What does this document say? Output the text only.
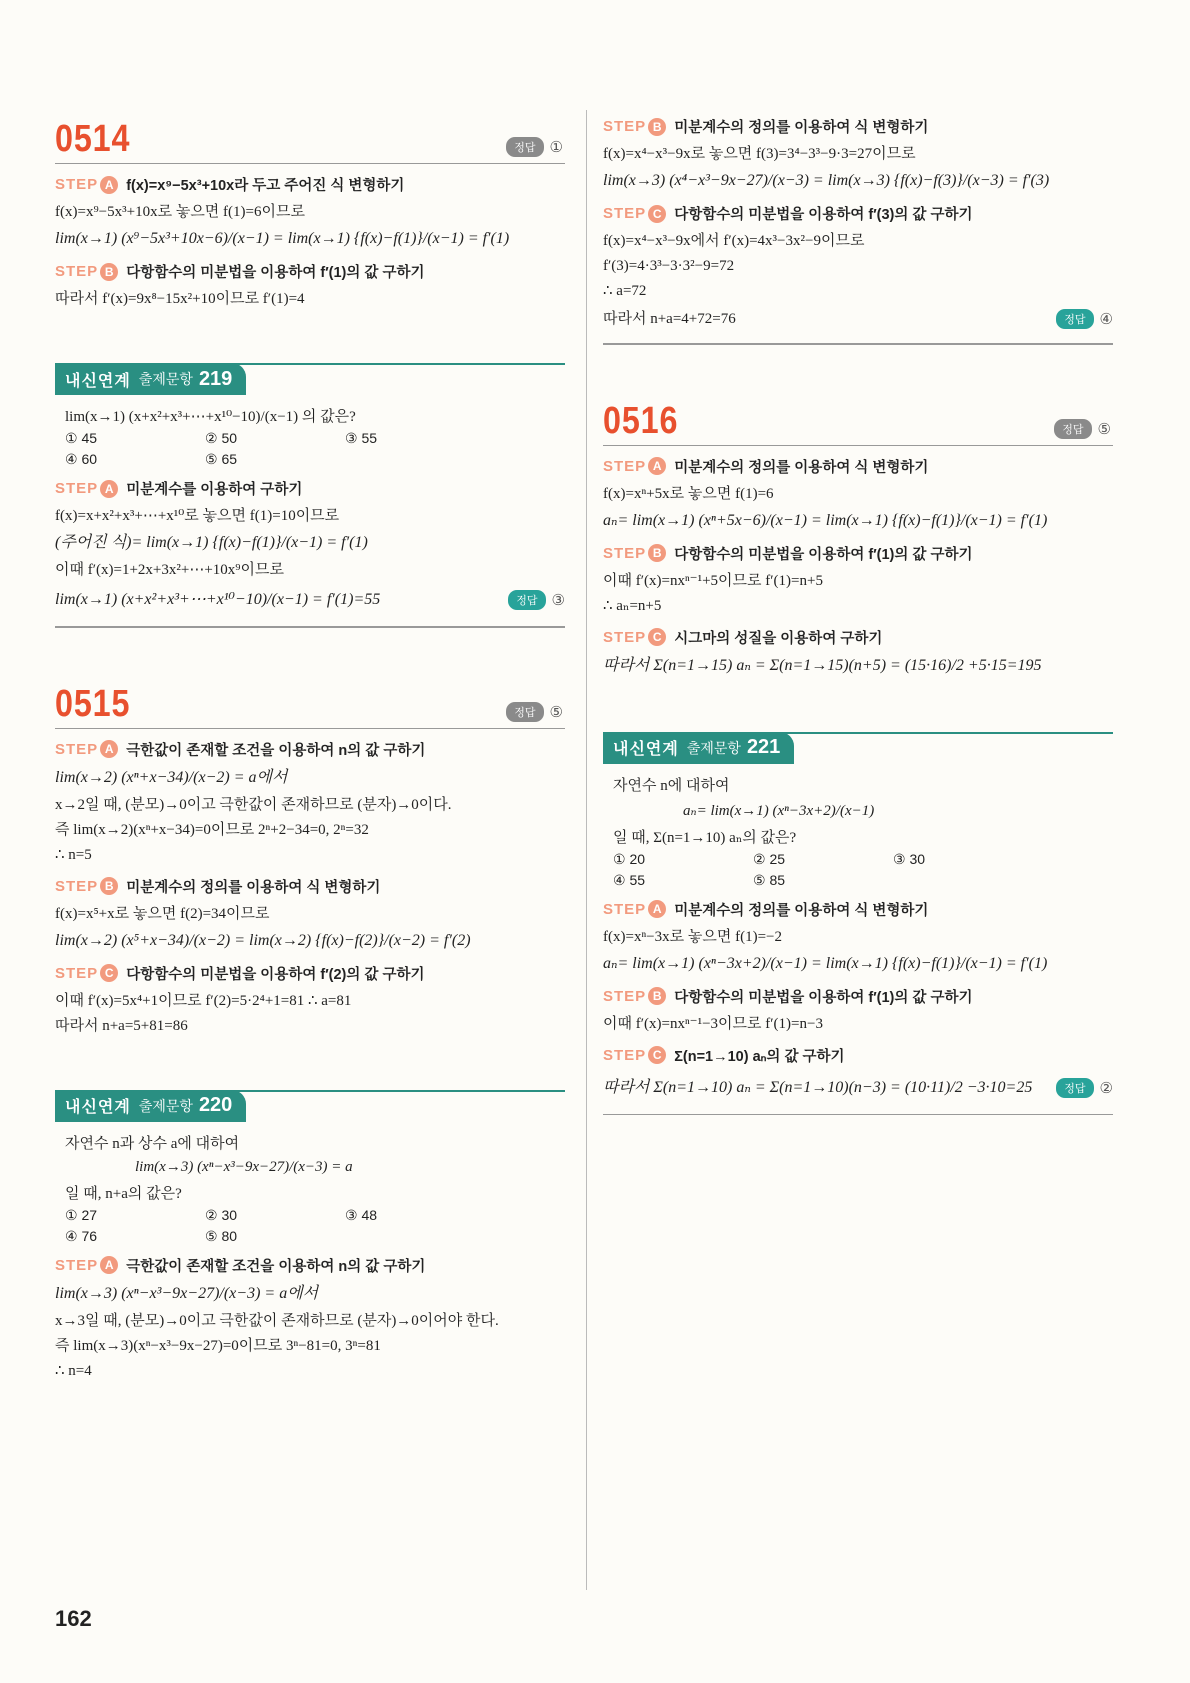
0514	정답 ①
STEP A f(x)=x⁹−5x³+10x라 두고 주어진 식 변형하기
f(x)=x⁹−5x³+10x로 놓으면 f(1)=6이므로
lim(x→1) (x⁹−5x³+10x−6)/(x−1) = lim(x→1) {f(x)−f(1)}/(x−1) = f′(1)
STEP B 다항함수의 미분법을 이용하여 f′(1)의 값 구하기
따라서 f′(x)=9x⁸−15x²+10이므로 f′(1)=4
내신연계 출제문항 219
lim(x→1) (x+x²+x³+⋯+x¹⁰−10)/(x−1) 의 값은?
① 45	② 50	③ 55
④ 60	⑤ 65
STEP A 미분계수를 이용하여 구하기
f(x)=x+x²+x³+⋯+x¹⁰로 놓으면 f(1)=10이므로
(주어진 식)= lim(x→1) {f(x)−f(1)}/(x−1) = f′(1)
이때 f′(x)=1+2x+3x²+⋯+10x⁹이므로
lim(x→1) (x+x²+x³+⋯+x¹⁰−10)/(x−1) = f′(1)=55	정답 ③
0515	정답 ⑤
STEP A 극한값이 존재할 조건을 이용하여 n의 값 구하기
lim(x→2) (xⁿ+x−34)/(x−2) = a에서
x→2일 때, (분모)→0이고 극한값이 존재하므로 (분자)→0이다.
즉 lim(x→2)(xⁿ+x−34)=0이므로 2ⁿ+2−34=0, 2ⁿ=32
∴ n=5
STEP B 미분계수의 정의를 이용하여 식 변형하기
f(x)=x⁵+x로 놓으면 f(2)=34이므로
lim(x→2) (x⁵+x−34)/(x−2) = lim(x→2) {f(x)−f(2)}/(x−2) = f′(2)
STEP C 다항함수의 미분법을 이용하여 f′(2)의 값 구하기
이때 f′(x)=5x⁴+1이므로 f′(2)=5·2⁴+1=81 ∴ a=81
따라서 n+a=5+81=86
내신연계 출제문항 220
자연수 n과 상수 a에 대하여
lim(x→3) (xⁿ−x³−9x−27)/(x−3) = a
일 때, n+a의 값은?
① 27	② 30	③ 48
④ 76	⑤ 80
STEP A 극한값이 존재할 조건을 이용하여 n의 값 구하기
lim(x→3) (xⁿ−x³−9x−27)/(x−3) = a에서
x→3일 때, (분모)→0이고 극한값이 존재하므로 (분자)→0이어야 한다.
즉 lim(x→3)(xⁿ−x³−9x−27)=0이므로 3ⁿ−81=0, 3ⁿ=81
∴ n=4
STEP B 미분계수의 정의를 이용하여 식 변형하기
f(x)=x⁴−x³−9x로 놓으면 f(3)=3⁴−3³−9·3=27이므로
lim(x→3) (x⁴−x³−9x−27)/(x−3) = lim(x→3) {f(x)−f(3)}/(x−3) = f′(3)
STEP C 다항함수의 미분법을 이용하여 f′(3)의 값 구하기
f(x)=x⁴−x³−9x에서 f′(x)=4x³−3x²−9이므로
f′(3)=4·3³−3·3²−9=72
∴ a=72
따라서 n+a=4+72=76	정답 ④
0516	정답 ⑤
STEP A 미분계수의 정의를 이용하여 식 변형하기
f(x)=xⁿ+5x로 놓으면 f(1)=6
aₙ= lim(x→1) (xⁿ+5x−6)/(x−1) = lim(x→1) {f(x)−f(1)}/(x−1) = f′(1)
STEP B 다항함수의 미분법을 이용하여 f′(1)의 값 구하기
이때 f′(x)=nxⁿ⁻¹+5이므로 f′(1)=n+5
∴ aₙ=n+5
STEP C 시그마의 성질을 이용하여 구하기
따라서 Σ(n=1→15) aₙ = Σ(n=1→15)(n+5) = (15·16)/2 +5·15=195
내신연계 출제문항 221
자연수 n에 대하여
aₙ= lim(x→1) (xⁿ−3x+2)/(x−1)
일 때, Σ(n=1→10) aₙ의 값은?
① 20	② 25	③ 30
④ 55	⑤ 85
STEP A 미분계수의 정의를 이용하여 식 변형하기
f(x)=xⁿ−3x로 놓으면 f(1)=−2
aₙ= lim(x→1) (xⁿ−3x+2)/(x−1) = lim(x→1) {f(x)−f(1)}/(x−1) = f′(1)
STEP B 다항함수의 미분법을 이용하여 f′(1)의 값 구하기
이때 f′(x)=nxⁿ⁻¹−3이므로 f′(1)=n−3
STEP C Σ(n=1→10) aₙ의 값 구하기
따라서 Σ(n=1→10) aₙ = Σ(n=1→10)(n−3) = (10·11)/2 −3·10=25	정답 ②
162
